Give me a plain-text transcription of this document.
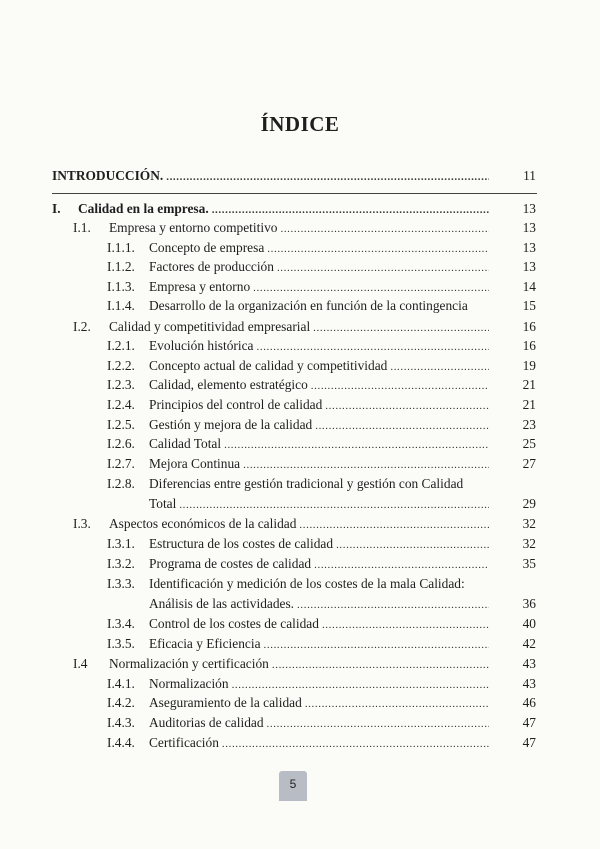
ÍNDICE
INTRODUCCIÓN. .....	11
I. Calidad en la empresa. .....	13
I.1. Empresa y entorno competitivo .....	13
I.1.1. Concepto de empresa .....	13
I.1.2. Factores de producción .....	13
I.1.3. Empresa y entorno .....	14
I.1.4. Desarrollo de la organización en función de la contingencia	15
I.2. Calidad y competitividad empresarial .....	16
I.2.1. Evolución histórica .....	16
I.2.2. Concepto actual de calidad y competitividad .....	19
I.2.3. Calidad, elemento estratégico .....	21
I.2.4. Principios del control de calidad .....	21
I.2.5. Gestión y mejora de la calidad .....	23
I.2.6. Calidad Total .....	25
I.2.7. Mejora Continua .....	27
I.2.8. Diferencias entre gestión tradicional y gestión con Calidad
Total .....	29
I.3. Aspectos económicos de la calidad .....	32
I.3.1. Estructura de los costes de calidad .....	32
I.3.2. Programa de costes de calidad .....	35
I.3.3. Identificación y medición de los costes de la mala Calidad:
Análisis de las actividades. .....	36
I.3.4. Control de los costes de calidad .....	40
I.3.5. Eficacia y Eficiencia .....	42
I.4 Normalización y certificación .....	43
I.4.1. Normalización .....	43
I.4.2. Aseguramiento de la calidad .....	46
I.4.3. Auditorias de calidad .....	47
I.4.4. Certificación .....	47
5
